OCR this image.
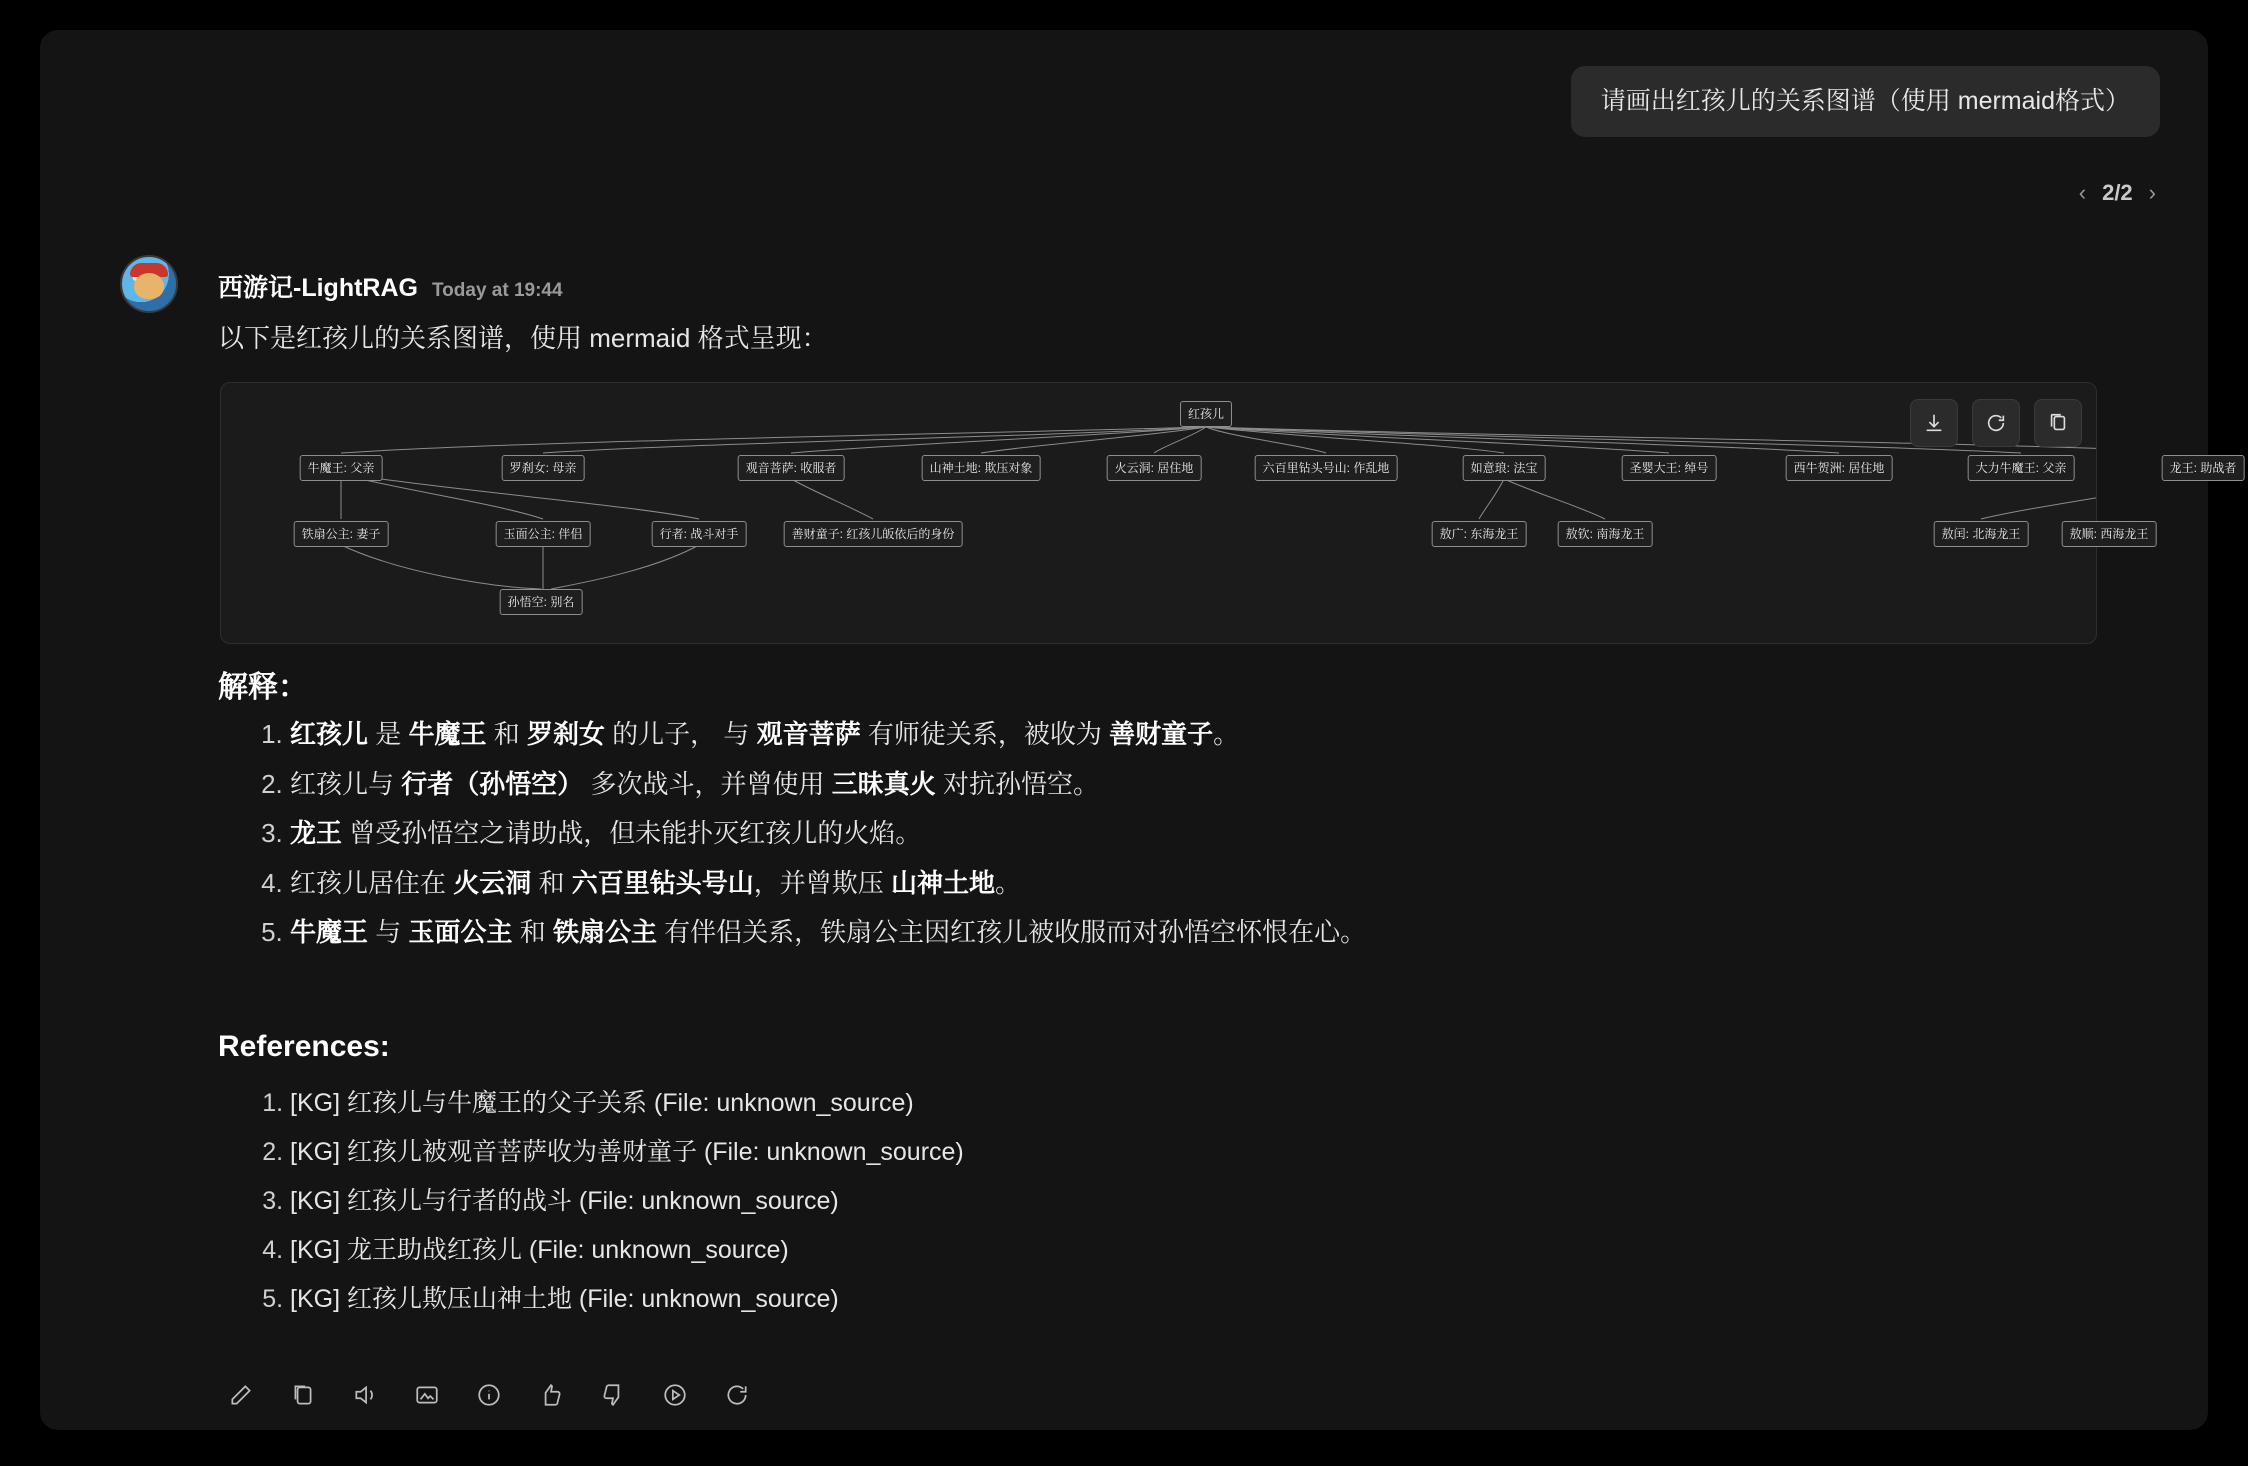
请画出红孩儿的关系图谱（使用 mermaid格式）
‹ 2/2 ›
西游记-LightRAG Today at 19:44
以下是红孩儿的关系图谱，使用 mermaid 格式呈现：
红孩儿
牛魔王: 父亲	罗刹女: 母亲	观音菩萨: 收服者	山神土地: 欺压对象	火云洞: 居住地	六百里钻头号山: 作乱地	如意琅: 法宝	圣婴大王: 绰号	西牛贺洲: 居住地	大力牛魔王: 父亲	龙王: 助战者
铁扇公主: 妻子	玉面公主: 伴侣	行者: 战斗对手	善财童子: 红孩儿皈依后的身份	敖广: 东海龙王	敖钦: 南海龙王	敖闰: 北海龙王	敖顺: 西海龙王
孙悟空: 别名
解释：
1. 红孩儿 是 牛魔王 和 罗刹女 的儿子， 与 观音菩萨 有师徒关系，被收为 善财童子。
2. 红孩儿与 行者（孙悟空） 多次战斗，并曾使用 三昧真火 对抗孙悟空。
3. 龙王 曾受孙悟空之请助战，但未能扑灭红孩儿的火焰。
4. 红孩儿居住在 火云洞 和 六百里钻头号山，并曾欺压 山神土地。
5. 牛魔王 与 玉面公主 和 铁扇公主 有伴侣关系，铁扇公主因红孩儿被收服而对孙悟空怀恨在心。
References:
1. [KG] 红孩儿与牛魔王的父子关系 (File: unknown_source)
2. [KG] 红孩儿被观音菩萨收为善财童子 (File: unknown_source)
3. [KG] 红孩儿与行者的战斗 (File: unknown_source)
4. [KG] 龙王助战红孩儿 (File: unknown_source)
5. [KG] 红孩儿欺压山神土地 (File: unknown_source)
